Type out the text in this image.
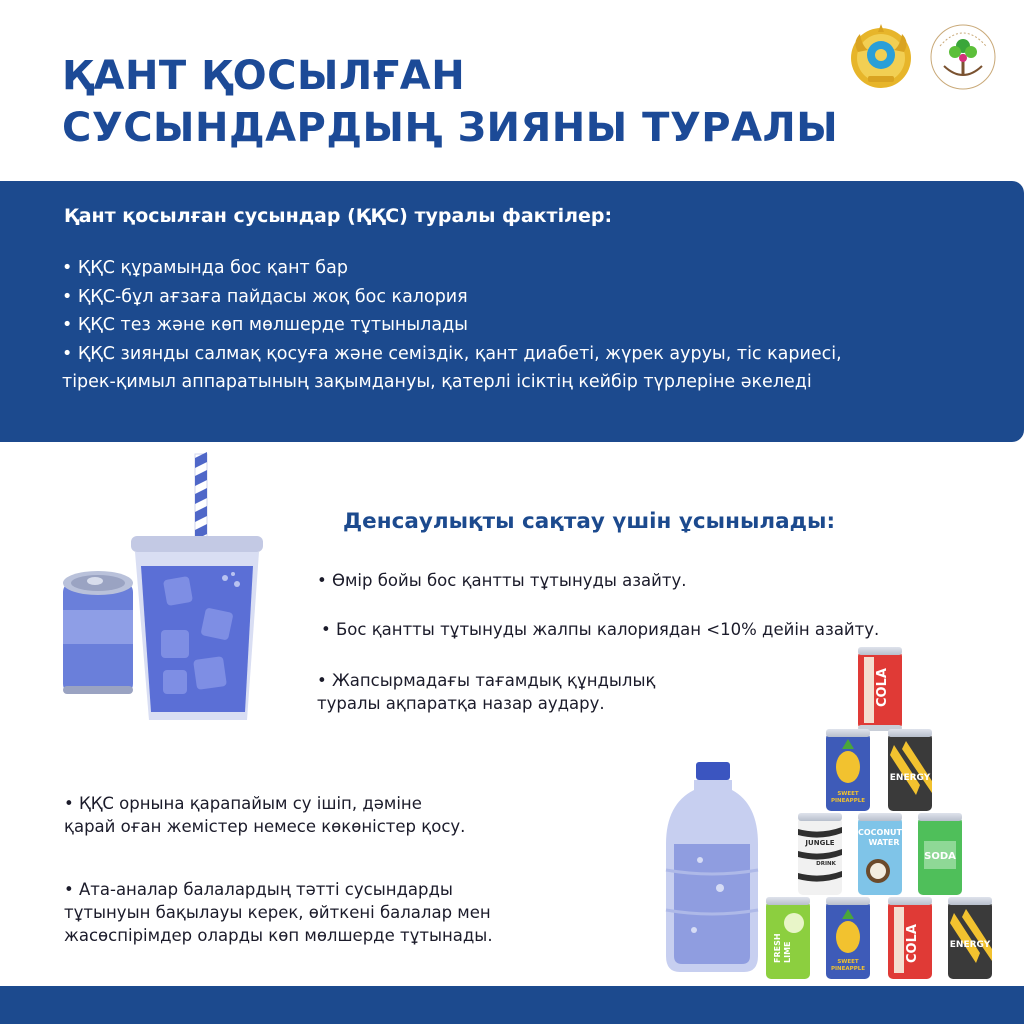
ҚАНТ ҚОСЫЛҒАН
СУСЫНДАРДЫҢ ЗИЯНЫ ТУРАЛЫ
Қант қосылған сусындар (ҚҚС) туралы фактілер:
• ҚҚС құрамында бос қант бар
• ҚҚС-бұл ағзаға пайдасы жоқ бос калория
• ҚҚС тез және көп мөлшерде тұтынылады
• ҚҚС зиянды салмақ қосуға және семіздік, қант диабеті, жүрек ауруы, тіс кариесі,
тірек-қимыл аппаратының зақымдануы, қатерлі ісіктің кейбір түрлеріне әкеледі
Денсаулықты сақтау үшін ұсынылады:
• Өмір бойы бос қантты тұтынуды азайту.
• Бос қантты тұтынуды жалпы калориядан <10% дейін азайту.
• Жапсырмадағы тағамдық құндылық
туралы ақпаратқа назар аудару.
• ҚҚС орнына қарапайым су ішіп, дәміне
қарай оған жемістер немесе көкөністер қосу.
• Ата-аналар балалардың тәтті сусындарды
тұтынуын бақылауы керек, өйткені балалар мен
жасөспірімдер оларды көп мөлшерде тұтынады.
COLA
SWEET
PINEAPPLE
ENERGY
JUNGLE
DRINK
COCONUT
WATER
SODA
FRESH LIME	SWEET
PINEAPPLE
COLA	ENERGY
